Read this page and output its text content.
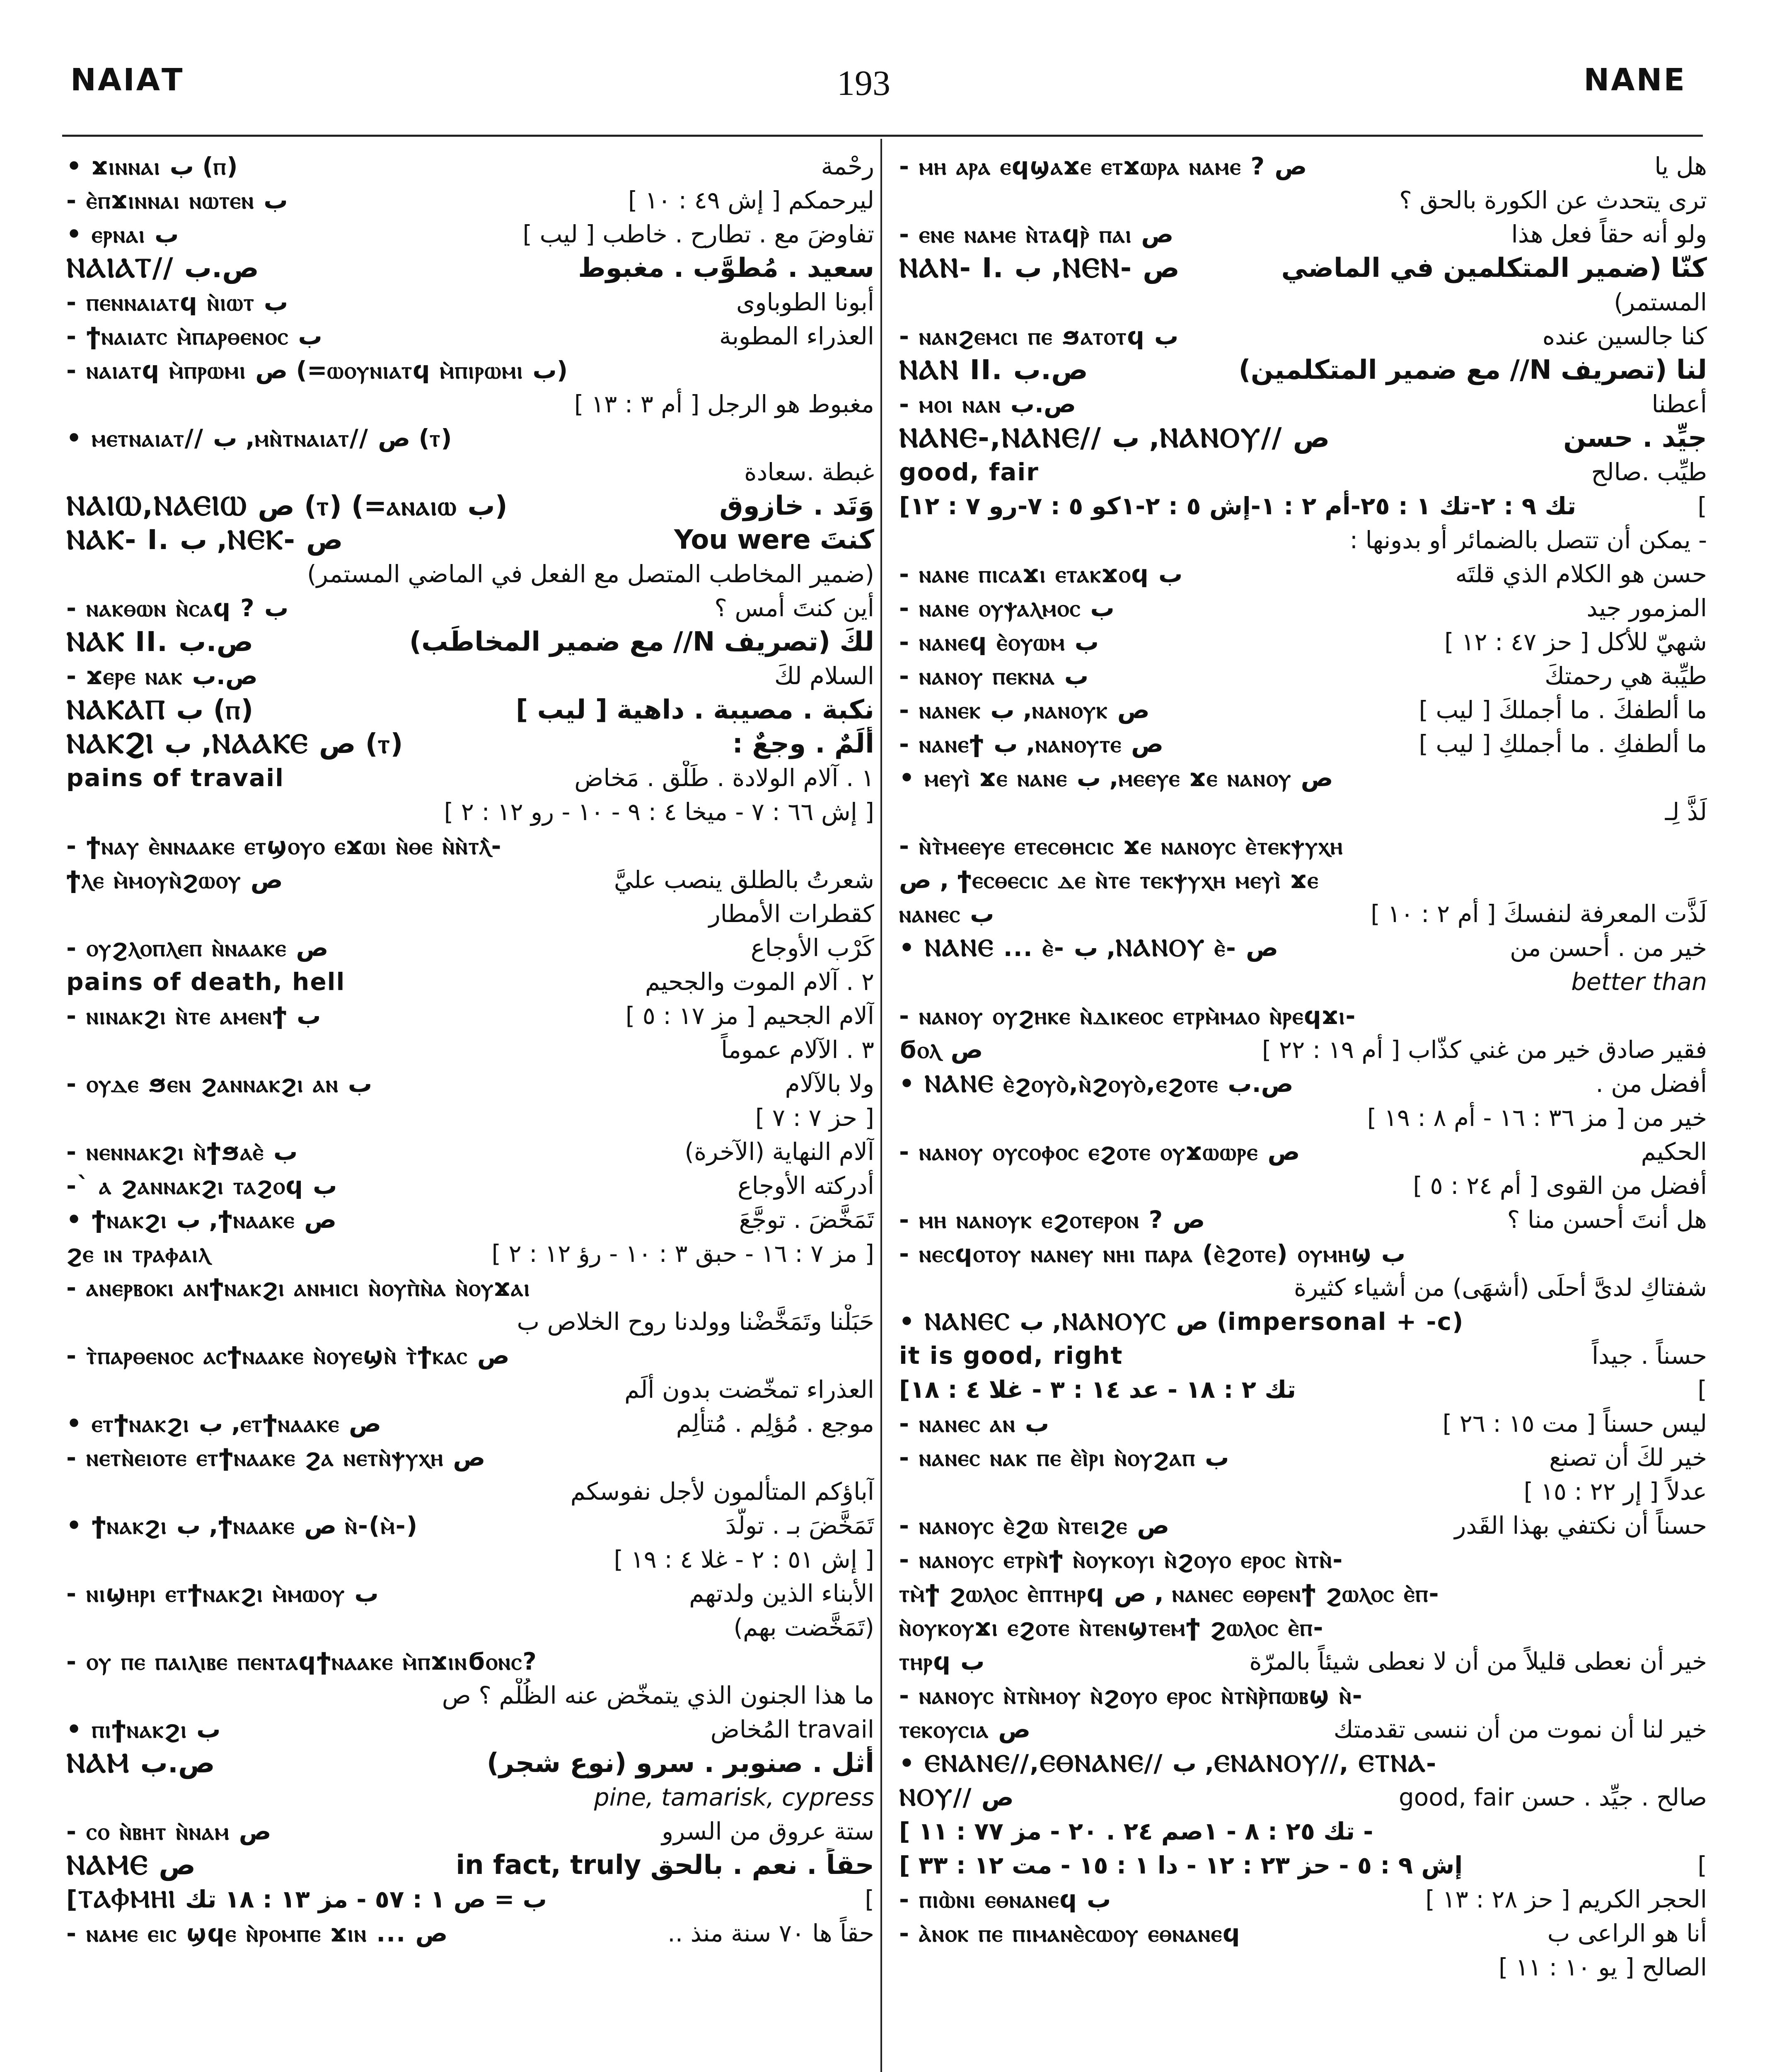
ΝΑΙΑΤ	193	ΝΑΝΕ
• ϫⲓⲛⲛⲁⲓ ب (ⲡ)	رحْمة
- ⲉ̀ⲡϫⲓⲛⲛⲁⲓ ⲛⲱⲧⲉⲛ ب	ليرحمكم [ إش ٤٩ : ١٠ ]
• ⲉⲣⲛⲁⲓ ب	تفاوضَ مع . تطارح . خاطب [ ليب ]
ⲚⲀⲒⲀⲦ// ص.ب	سعيد . مُطوَّب . مغبوط
- ⲡⲉⲛⲛⲁⲓⲁⲧϥ ⲛ̀ⲓⲱⲧ ب	أبونا الطوباوى
- ϯⲛⲁⲓⲁⲧⲥ ⲙ̀ⲡⲁⲣⲑⲉⲛⲟⲥ ب	العذراء المطوبة
- ⲛⲁⲓⲁⲧϥ ⲙ̀ⲡⲣⲱⲙⲓ ص (=ⲱⲟⲩⲛⲓⲁⲧϥ ⲙ̀ⲡⲓⲣⲱⲙⲓ ب)
مغبوط هو الرجل [ أم ٣ : ١٣ ]
• ⲙⲉⲧⲛⲁⲓⲁⲧ// ب ,ⲙⲛ̀ⲧⲛⲁⲓⲁⲧ// ص (ⲧ)
غبطة .سعادة
ⲚⲀⲒⲰ,ⲚⲀⲈⲒⲰ ص (ⲧ) (=ⲁⲛⲁⲓⲱ ب)	وَتَد . خازوق
ⲚⲀⲔ- I. ب ,ⲚⲈⲔ- ص	كنتَ You were
(ضمير المخاطب المتصل مع الفعل في الماضي المستمر)
- ⲛⲁⲕⲑⲱⲛ ⲛ̀ⲥⲁϥ ? ب	أين كنتَ أمس ؟
ⲚⲀⲔ II. ص.ب	لكَ (تصريف N// مع ضمير المخاطَب)
- ϫⲉⲣⲉ ⲛⲁⲕ ص.ب	السلام لكَ
ⲚⲀⲔⲀⲠ ب (ⲡ)	نكبة . مصيبة . داهية [ ليب ]
ⲚⲀⲔϨⲒ ب ,ⲚⲀⲀⲔⲈ ص (ⲧ)	ألَمٌ . وجعٌ :
pains of travail	١ . آلام الولادة . طَلْق . مَخاض
[ إش ٦٦ : ٧ - ميخا ٤ : ٩ - ١٠ - رو ١٢ : ٢ ]
- ϯⲛⲁⲩ ⲉ̀ⲛⲛⲁⲁⲕⲉ ⲉⲧϣⲟⲩⲟ ⲉϫⲱⲓ ⲛ̀ⲑⲉ ⲛ̀ⲛ̀ⲧⲗ̀-
ϯⲗⲉ ⲙ̀ⲙⲟⲩⲛ̀ϩⲱⲟⲩ ص	شعرتُ بالطلق ينصب عليَّ
كقطرات الأمطار
- ⲟⲩϩⲗⲟⲡⲗⲉⲡ ⲛ̀ⲛⲁⲁⲕⲉ ص	كَرْب الأوجاع
pains of death, hell	٢ . آلام الموت والجحيم
- ⲛⲓⲛⲁⲕϩⲓ ⲛ̀ⲧⲉ ⲁⲙⲉⲛϯ ب	آلام الجحيم [ مز ١٧ : ٥ ]
٣ . الآلام عموماً
- ⲟⲩⲇⲉ ϧⲉⲛ ϩⲁⲛⲛⲁⲕϩⲓ ⲁⲛ ب	ولا بالآلام
[ حز ٧ : ٧ ]
- ⲛⲉⲛⲛⲁⲕϩⲓ ⲛ̀ϯϧⲁⲉ̀ ب	آلام النهاية (الآخرة)
-` ⲁ ϩⲁⲛⲛⲁⲕϩⲓ ⲧⲁϩⲟϥ ب	أدركته الأوجاع
• ϯⲛⲁⲕϩⲓ ب ,ϯⲛⲁⲁⲕⲉ ص	تَمَخَّضَ . توجَّعَ
ϩⲉ ⲓⲛ ⲧⲣⲁⲫⲁⲓⲗ	[ مز ٧ : ١٦ - حبق ٣ : ١٠ - رؤ ١٢ : ٢ ]
- ⲁⲛⲉⲣⲃⲟⲕⲓ ⲁⲛϯⲛⲁⲕϩⲓ ⲁⲛⲙⲓⲥⲓ ⲛ̀ⲟⲩⲡ̀ⲛ̀ⲁ ⲛ̀ⲟⲩϫⲁⲓ
حَبَلْنا وتَمَخَّضْنا وولدنا روح الخلاص ب
- ⲧ̀ⲡⲁⲣⲑⲉⲛⲟⲥ ⲁⲥϯⲛⲁⲁⲕⲉ ⲛ̀ⲟⲩⲉϣⲛ̀ ⲧ̀ϯⲕⲁⲥ ص
العذراء تمخّضت بدون ألَم
• ⲉⲧϯⲛⲁⲕϩⲓ ب ,ⲉⲧϯⲛⲁⲁⲕⲉ ص	موجع . مُؤلِم . مُتألِم
- ⲛⲉⲧⲛ̀ⲉⲓⲟⲧⲉ ⲉⲧϯⲛⲁⲁⲕⲉ ϩⲁ ⲛⲉⲧⲛ̀ⲯⲩⲭⲏ ص
آباؤكم المتألمون لأجل نفوسكم
• ϯⲛⲁⲕϩⲓ ب ,ϯⲛⲁⲁⲕⲉ ص ⲛ̀-(ⲙ̀-)	تَمَخَّضَ بـ . تولَّدَ
[ إش ٥١ : ٢ - غلا ٤ : ١٩ ]
- ⲛⲓϣⲏⲣⲓ ⲉⲧϯⲛⲁⲕϩⲓ ⲙ̀ⲙⲱⲟⲩ ب	الأبناء الذين ولدتهم
(تَمَخَّضت بهم)
- ⲟⲩ ⲡⲉ ⲡⲁⲓⲗⲓⲃⲉ ⲡⲉⲛⲧⲁϥϯⲛⲁⲁⲕⲉ ⲙ̀ⲡϫⲓⲛϭⲟⲛⲥ?
ما هذا الجنون الذي يتمخّض عنه الظُلْم ؟ ص
• ⲡⲓϯⲛⲁⲕϩⲓ ب	travail المُخاض
ⲚⲀⲘ ص.ب	أثل . صنوبر . سرو (نوع شجر)
pine, tamarisk, cypress
- ⲥⲟ ⲛ̀ⲃⲏⲧ ⲛ̀ⲛⲁⲙ ص	ستة عروق من السرو
ⲚⲀⲘⲈ ص	حقاً . نعم . بالحق in fact, truly
[ⲦⲀⲪⲘⲎⲒ ب = ص ١ : ٥٧ - مز ١٣ : ١٨ تك	]
- ⲛⲁⲙⲉ ⲉⲓⲥ ϣϥⲉ ⲛ̀ⲣⲟⲙⲡⲉ ϫⲓⲛ ... ص	حقاً ها ٧٠ سنة منذ ..
- ⲙⲏ ⲁⲣⲁ ⲉϥϣⲁϫⲉ ⲉⲧϫⲱⲣⲁ ⲛⲁⲙⲉ ? ص	هل يا
ترى يتحدث عن الكورة بالحق ؟
- ⲉⲛⲉ ⲛⲁⲙⲉ ⲛ̀ⲧⲁϥⲣ̀ ⲡⲁⲓ ص	ولو أنه حقاً فعل هذا
ⲚⲀⲚ- I. ب ,ⲚⲈⲚ- ص	كنّا (ضمير المتكلمين في الماضي
المستمر)
- ⲛⲁⲛϩⲉⲙⲥⲓ ⲡⲉ ϧⲁⲧⲟⲧϥ ب	كنا جالسين عنده
ⲚⲀⲚ II. ص.ب	لنا (تصريف N// مع ضمير المتكلمين)
- ⲙⲟⲓ ⲛⲁⲛ ص.ب	أعطنا
ⲚⲀⲚⲈ-,ⲚⲀⲚⲈ// ب ,ⲚⲀⲚⲞⲨ// ص	جيِّد . حسن
good, fair	طيِّب .صالح
[تك ٩ : ٢-تك ١ : ٢٥-أم ٢ : ١-إش ٥ : ٢-١كو ٥ : ٧-رو ٧ : ١٢	]
- يمكن أن تتصل بالضمائر أو بدونها :
- ⲛⲁⲛⲉ ⲡⲓⲥⲁϫⲓ ⲉⲧⲁⲕϫⲟϥ ب	حسن هو الكلام الذي قلتَه
- ⲛⲁⲛⲉ ⲟⲩⲯⲁⲗⲙⲟⲥ ب	المزمور جيد
- ⲛⲁⲛⲉϥ ⲉ̀ⲟⲩⲱⲙ ب	شهيّ للأكل [ حز ٤٧ : ١٢ ]
- ⲛⲁⲛⲟⲩ ⲡⲉⲕⲛⲁ ب	طيِّبة هي رحمتكَ
- ⲛⲁⲛⲉⲕ ب ,ⲛⲁⲛⲟⲩⲕ ص	ما ألطفكَ . ما أجملكَ [ ليب ]
- ⲛⲁⲛⲉϯ ب ,ⲛⲁⲛⲟⲩⲧⲉ ص	ما ألطفكِ . ما أجملكِ [ ليب ]
• ⲙⲉⲩⲓ̀ ϫⲉ ⲛⲁⲛⲉ ب ,ⲙⲉⲉⲩⲉ ϫⲉ ⲛⲁⲛⲟⲩ ص
لَذَّ لِـ
- ⲛ̀ⲧ̀ⲙⲉⲉⲩⲉ ⲉⲧⲉⲥⲑⲏⲥⲓⲥ ϫⲉ ⲛⲁⲛⲟⲩⲥ ⲉ̀ⲧⲉⲕⲯⲩⲭⲏ
ص , ϯⲉⲥⲑⲉⲥⲓⲥ ⲇⲉ ⲛ̀ⲧⲉ ⲧⲉⲕⲯⲩⲭⲏ ⲙⲉⲩⲓ̀ ϫⲉ
ⲛⲁⲛⲉⲥ ب	لَذَّت المعرفة لنفسكَ [ أم ٢ : ١٠ ]
• ⲚⲀⲚⲈ ... ⲉ̀- ب ,ⲚⲀⲚⲞⲨ ⲉ̀- ص	خير من . أحسن من
better than
- ⲛⲁⲛⲟⲩ ⲟⲩϩⲏⲕⲉ ⲛ̀ⲇⲓⲕⲉⲟⲥ ⲉⲧⲣⲙ̀ⲙⲁⲟ ⲛ̀ⲣⲉϥϫⲓ-
ϭⲟⲗ ص	فقير صادق خير من غني كذّاب [ أم ١٩ : ٢٢ ]
• ⲚⲀⲚⲈ ⲉ̀ϩⲟⲩⲟ̀,ⲛ̀ϩⲟⲩⲟ̀,ⲉϩⲟⲧⲉ ص.ب	أفضل من .
خير من [ مز ٣٦ : ١٦ - أم ٨ : ١٩ ]
- ⲛⲁⲛⲟⲩ ⲟⲩⲥⲟⲫⲟⲥ ⲉϩⲟⲧⲉ ⲟⲩϫⲱⲱⲣⲉ ص	الحكيم
أفضل من القوى [ أم ٢٤ : ٥ ]
- ⲙⲏ ⲛⲁⲛⲟⲩⲕ ⲉϩⲟⲧⲉⲣⲟⲛ ? ص	هل أنتَ أحسن منا ؟
- ⲛⲉⲥϥⲟⲧⲟⲩ ⲛⲁⲛⲉⲩ ⲛⲏⲓ ⲡⲁⲣⲁ (ⲉ̀ϩⲟⲧⲉ) ⲟⲩⲙⲏϣ ب
شفتاكِ لدىَّ أحلَى (أشهَى) من أشياء كثيرة
• ⲚⲀⲚⲈⲤ ب ,ⲚⲀⲚⲞⲨⲤ ص (impersonal + -c)
it is good, right	حسناً . جيداً
[تك ٢ : ١٨ - عد ١٤ : ٣ - غلا ٤ : ١٨	]
- ⲛⲁⲛⲉⲥ ⲁⲛ ب	ليس حسناً [ مت ١٥ : ٢٦ ]
- ⲛⲁⲛⲉⲥ ⲛⲁⲕ ⲡⲉ ⲉ̀ⲓ̀ⲣⲓ ⲛ̀ⲟⲩϩⲁⲡ ب	خير لكَ أن تصنع
عدلاً [ إر ٢٢ : ١٥ ]
- ⲛⲁⲛⲟⲩⲥ ⲉ̀ϩⲱ ⲛ̀ⲧⲉⲓϩⲉ ص	حسناً أن نكتفي بهذا القَدر
- ⲛⲁⲛⲟⲩⲥ ⲉⲧⲣⲛ̀ϯ ⲛ̀ⲟⲩⲕⲟⲩⲓ ⲛ̀ϩⲟⲩⲟ ⲉⲣⲟⲥ ⲛ̀ⲧⲛ̀-
ⲧⲙ̀ϯ ϩⲱⲗⲟⲥ ⲉ̀ⲡⲧⲏⲣϥ ص , ⲛⲁⲛⲉⲥ ⲉⲑⲣⲉⲛϯ ϩⲱⲗⲟⲥ ⲉ̀ⲡ-
ⲛ̀ⲟⲩⲕⲟⲩϫⲓ ⲉϩⲟⲧⲉ ⲛ̀ⲧⲉⲛϣⲧⲉⲙϯ ϩⲱⲗⲟⲥ ⲉ̀ⲡ-
ⲧⲏⲣϥ ب	خير أن نعطى قليلاً من أن لا نعطى شيئاً بالمرّة
- ⲛⲁⲛⲟⲩⲥ ⲛ̀ⲧⲛ̀ⲙⲟⲩ ⲛ̀ϩⲟⲩⲟ ⲉⲣⲟⲥ ⲛ̀ⲧⲛ̀ⲣ̀ⲡⲱⲃϣ ⲛ̀-
ⲧⲉⲕⲟⲩⲥⲓⲁ ص	خير لنا أن نموت من أن ننسى تقدمتك
• ⲈⲚⲀⲚⲈ//,ⲈⲐⲚⲀⲚⲈ// ب ,ⲈⲚⲀⲚⲞⲨ//, ⲈⲦⲚⲀ-
ⲚⲞⲨ// ص	صالح . جيِّد . حسن good, fair
[ تك ٢٥ : ٨ - ١صم ٢٤ . ٢٠ - مز ٧٧ : ١١ -
[ إش ٩ : ٥ - حز ٢٣ : ١٢ - دا ١ : ١٥ - مت ١٢ : ٣٣	]
- ⲡⲓⲱ̀ⲛⲓ ⲉⲑⲛⲁⲛⲉϥ ب	الحجر الكريم [ حز ٢٨ : ١٣ ]
- ⲁ̀ⲛⲟⲕ ⲡⲉ ⲡⲓⲙⲁⲛⲉ̀ⲥⲱⲟⲩ ⲉⲑⲛⲁⲛⲉϥ	أنا هو الراعى ب
الصالح [ يو ١٠ : ١١ ]
